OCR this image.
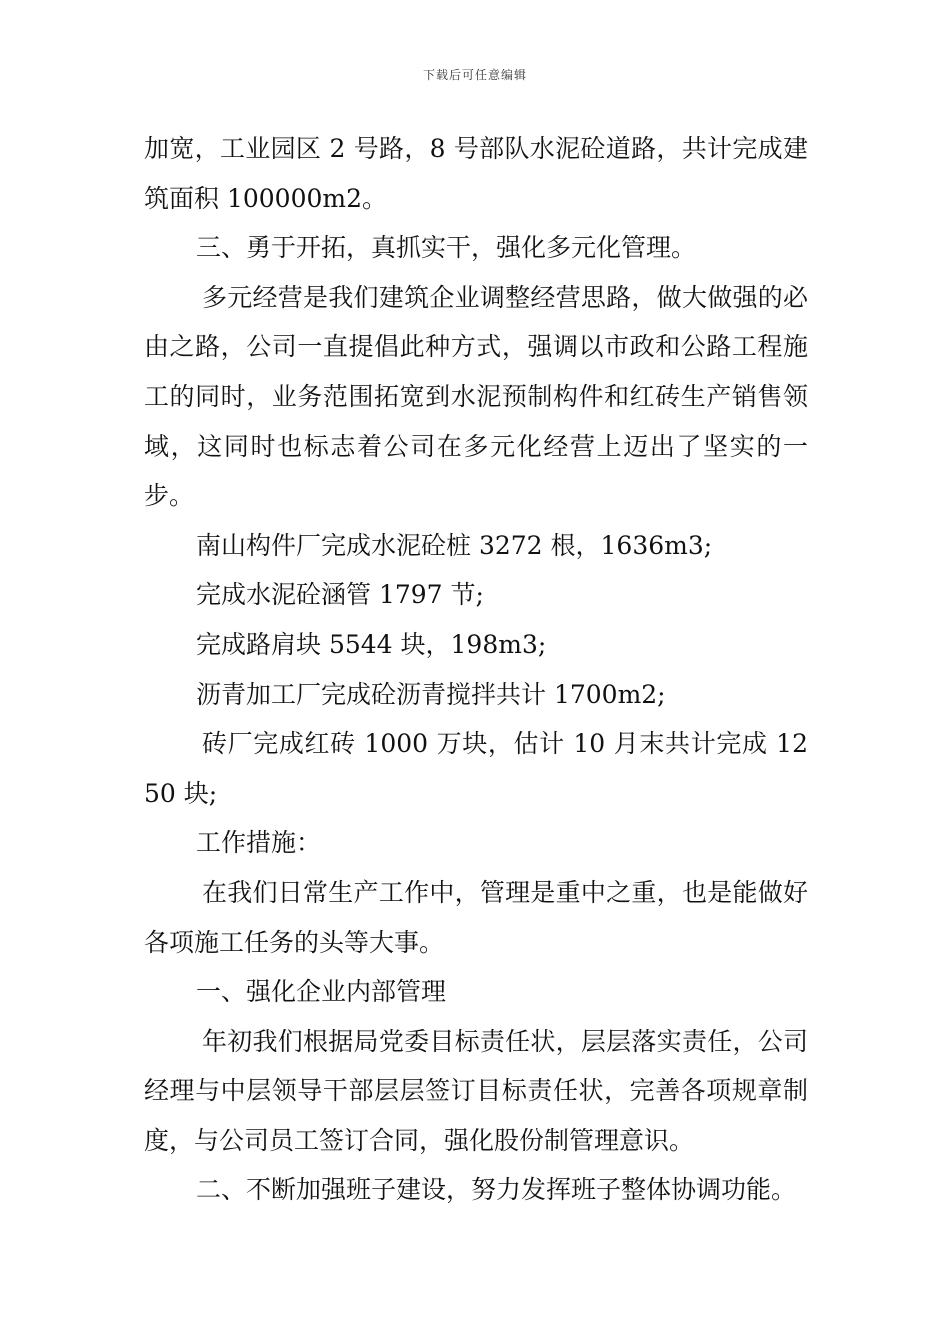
下载后可任意编辑

加宽，工业园区 2 号路，8 号部队水泥砼道路，共计完成建筑面积 100000m2。

三、勇于开拓，真抓实干，强化多元化管理。

多元经营是我们建筑企业调整经营思路，做大做强的必由之路，公司一直提倡此种方式，强调以市政和公路工程施工的同时，业务范围拓宽到水泥预制构件和红砖生产销售领域，这同时也标志着公司在多元化经营上迈出了坚实的一步。

南山构件厂完成水泥砼桩 3272 根，1636m3;

完成水泥砼涵管 1797 节;

完成路肩块 5544 块，198m3;

沥青加工厂完成砼沥青搅拌共计 1700m2;

砖厂完成红砖 1000 万块，估计 10 月末共计完成 1250 块;

工作措施：

在我们日常生产工作中，管理是重中之重，也是能做好各项施工任务的头等大事。

一、强化企业内部管理

年初我们根据局党委目标责任状，层层落实责任，公司经理与中层领导干部层层签订目标责任状，完善各项规章制度，与公司员工签订合同，强化股份制管理意识。

二、不断加强班子建设，努力发挥班子整体协调功能。
